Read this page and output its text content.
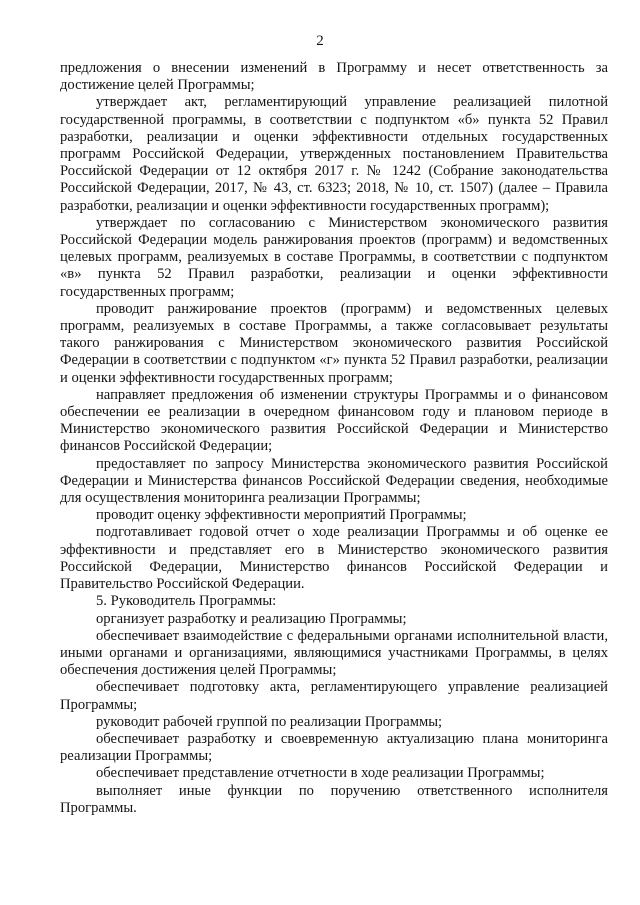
2

предложения о внесении изменений в Программу и несет ответственность за достижение целей Программы;

утверждает акт, регламентирующий управление реализацией пилотной государственной программы, в соответствии с подпунктом «б» пункта 52 Правил разработки, реализации и оценки эффективности отдельных государственных программ Российской Федерации, утвержденных постановлением Правительства Российской Федерации от 12 октября 2017 г. № 1242 (Собрание законодательства Российской Федерации, 2017, № 43, ст. 6323; 2018, № 10, ст. 1507) (далее – Правила разработки, реализации и оценки эффективности государственных программ);

утверждает по согласованию с Министерством экономического развития Российской Федерации модель ранжирования проектов (программ) и ведомственных целевых программ, реализуемых в составе Программы, в соответствии с подпунктом «в» пункта 52 Правил разработки, реализации и оценки эффективности государственных программ;

проводит ранжирование проектов (программ) и ведомственных целевых программ, реализуемых в составе Программы, а также согласовывает результаты такого ранжирования с Министерством экономического развития Российской Федерации в соответствии с подпунктом «г» пункта 52 Правил разработки, реализации и оценки эффективности государственных программ;

направляет предложения об изменении структуры Программы и о финансовом обеспечении ее реализации в очередном финансовом году и плановом периоде в Министерство экономического развития Российской Федерации и Министерство финансов Российской Федерации;

предоставляет по запросу Министерства экономического развития Российской Федерации и Министерства финансов Российской Федерации сведения, необходимые для осуществления мониторинга реализации Программы;

проводит оценку эффективности мероприятий Программы;

подготавливает годовой отчет о ходе реализации Программы и об оценке ее эффективности и представляет его в Министерство экономического развития Российской Федерации, Министерство финансов Российской Федерации и Правительство Российской Федерации.

5. Руководитель Программы:

организует разработку и реализацию Программы;

обеспечивает взаимодействие с федеральными органами исполнительной власти, иными органами и организациями, являющимися участниками Программы, в целях обеспечения достижения целей Программы;

обеспечивает подготовку акта, регламентирующего управление реализацией Программы;

руководит рабочей группой по реализации Программы;

обеспечивает разработку и своевременную актуализацию плана мониторинга реализации Программы;

обеспечивает представление отчетности в ходе реализации Программы;

выполняет иные функции по поручению ответственного исполнителя Программы.
